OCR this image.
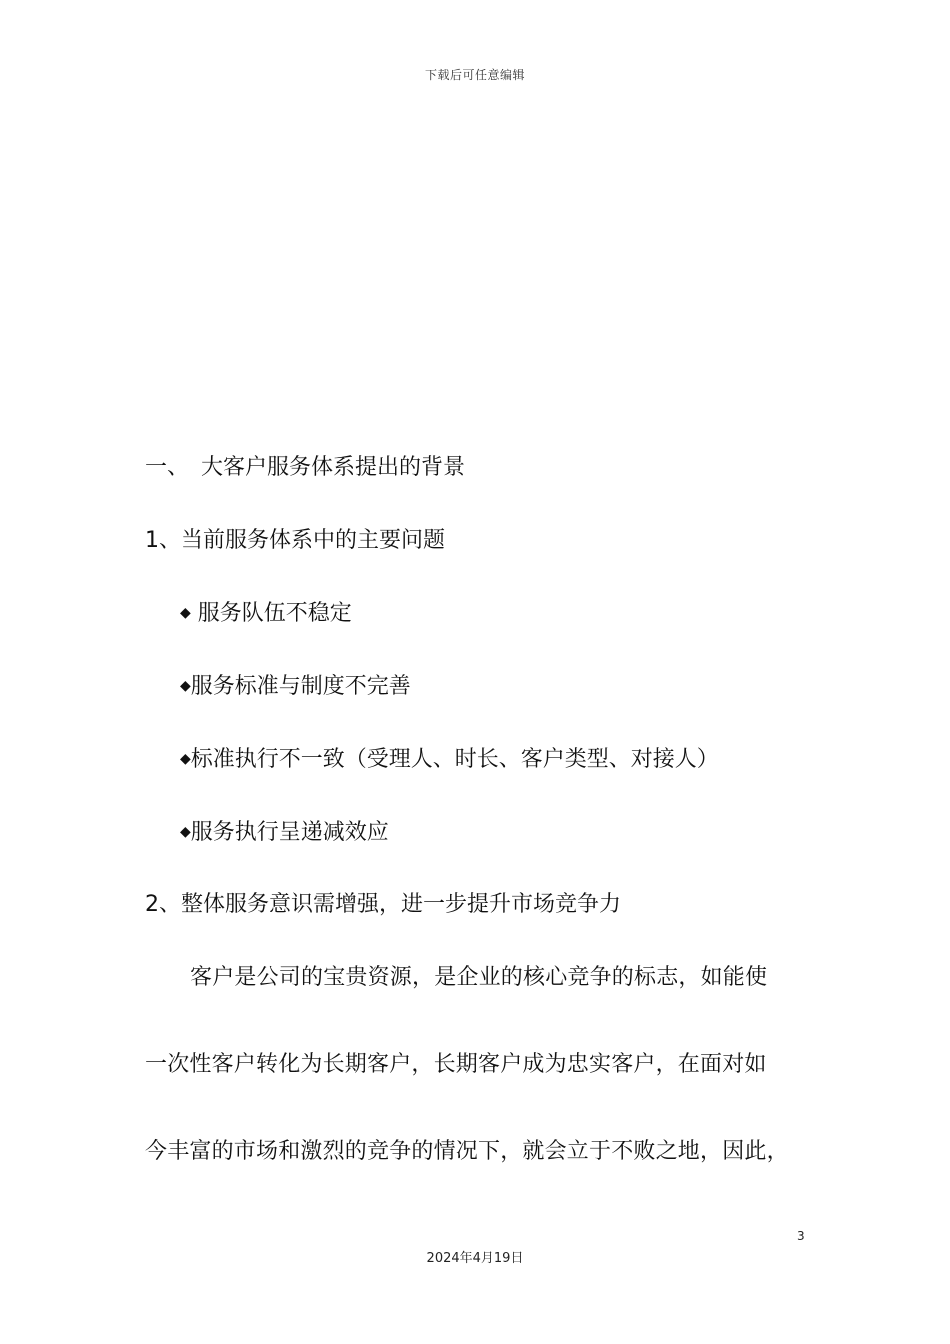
下载后可任意编辑
一、 大客户服务体系提出的背景
1、当前服务体系中的主要问题
◆ 服务队伍不稳定
◆服务标准与制度不完善
◆标准执行不一致（受理人、时长、客户类型、对接人）
◆服务执行呈递减效应
2、整体服务意识需增强，进一步提升市场竞争力
客户是公司的宝贵资源，是企业的核心竞争的标志，如能使
一次性客户转化为长期客户，长期客户成为忠实客户，在面对如
今丰富的市场和激烈的竞争的情况下，就会立于不败之地，因此，
3
2024年4月19日
